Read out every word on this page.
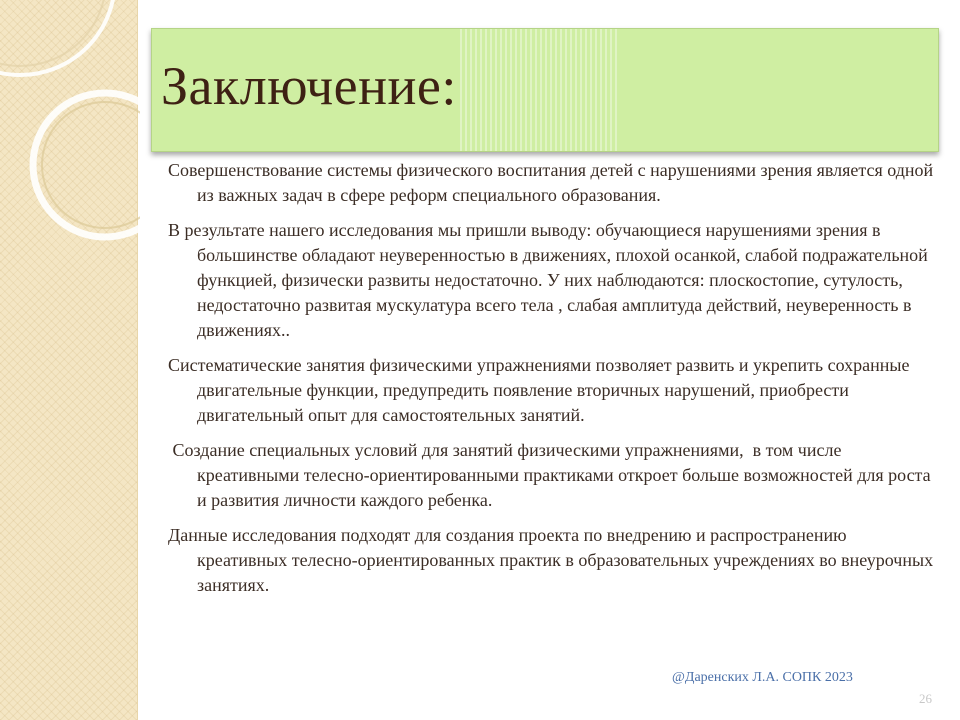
Заключение:

Совершенствование системы физического воспитания детей с нарушениями зрения является одной из важных задач в сфере реформ специального образования.

В результате нашего исследования мы пришли выводу: обучающиеся нарушениями зрения в большинстве обладают неуверенностью в движениях, плохой осанкой, слабой подражательной функцией, физически развиты недостаточно. У них наблюдаются: плоскостопие, сутулость, недостаточно развитая мускулатура всего тела , слабая амплитуда действий, неуверенность в движениях..

Систематические занятия физическими упражнениями позволяет развить и укрепить сохранные двигательные функции, предупредить появление вторичных нарушений, приобрести двигательный опыт для самостоятельных занятий.

Создание специальных условий для занятий физическими упражнениями,  в том числе креативными телесно-ориентированными практиками откроет больше возможностей для роста и развития личности каждого ребенка.

Данные исследования подходят для создания проекта по внедрению и распространению креативных телесно-ориентированных практик в образовательных учреждениях во внеурочных занятиях.

@Даренских Л.А. СОПК 2023
26
